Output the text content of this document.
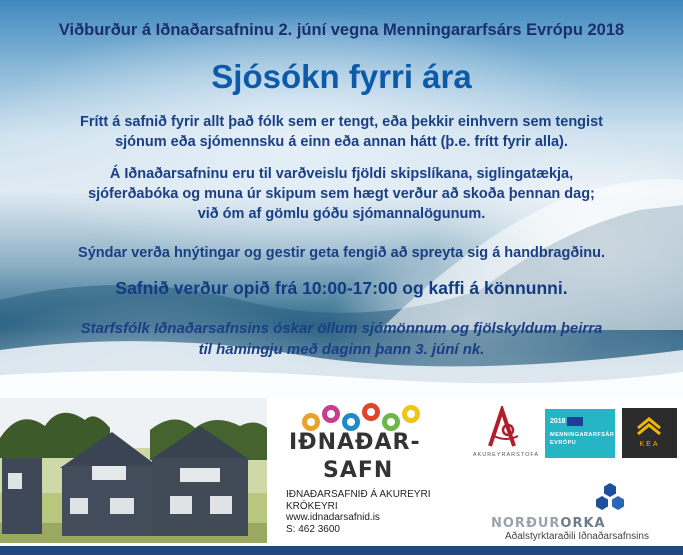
Viðburður á Iðnaðarsafninu 2. júní vegna Menningararfsárs Evrópu 2018
Sjósókn fyrri ára
Frítt á safnið fyrir allt það fólk sem er tengt, eða þekkir einhvern sem tengist
sjónum eða sjómennsku á einn eða annan hátt (þ.e. frítt fyrir alla).
Á Iðnaðarsafninu eru til varðveislu fjöldi skipslíkana, siglingatækja,
sjóferðabóka og muna úr skipum sem hægt verður að skoða þennan dag;
við óm af gömlu góðu sjómannalögunum.
Sýndar verða hnýtingar og gestir geta fengið að spreyta sig á handbragðinu.
Safnið verður opið frá 10:00-17:00 og kaffi á könnunni.
Starfsfólk Iðnaðarsafnsins óskar öllum sjómönnum og fjölskyldum þeirra
til hamingju með daginn þann 3. júní nk.
IÐNAÐAR-
SAFN
IÐNAÐARSAFNIÐ Á AKUREYRI
KRÓKEYRI
www.idnadarsafnid.is
S: 462 3600
AKUREYRARSTOFA
2018
MENNINGARARFSÁR
EVRÓPU	KEA
NORÐURORKA
Aðalstyrktaraðili Iðnaðarsafnsins
